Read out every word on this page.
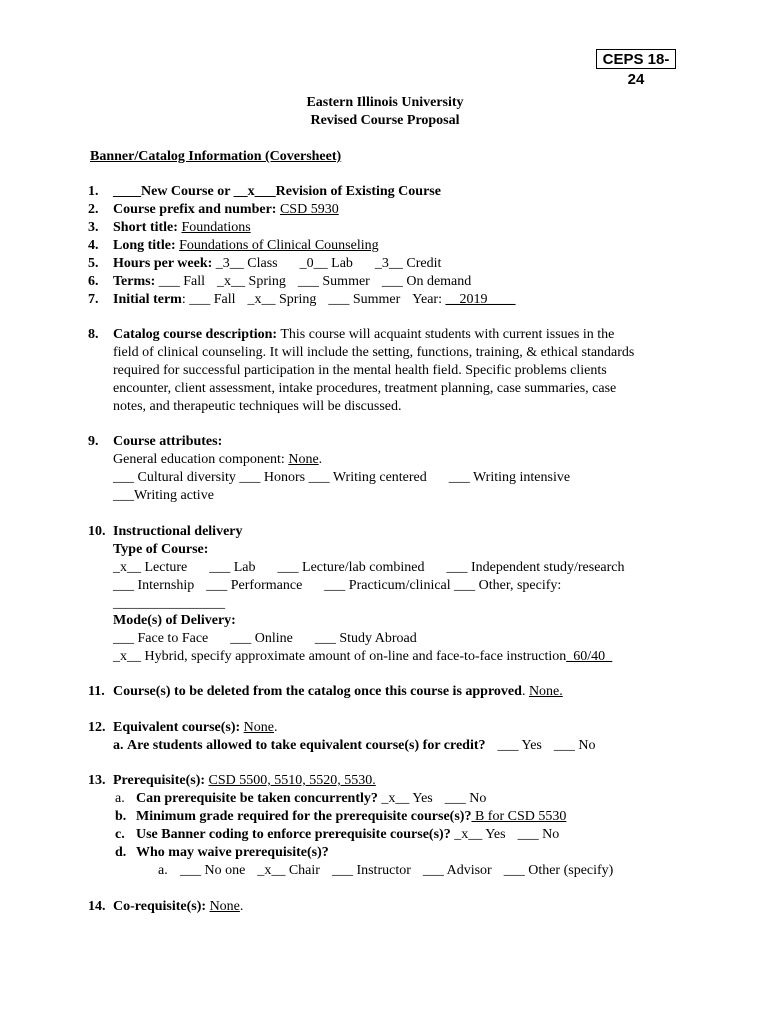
CEPS 18-24
Eastern Illinois University
Revised Course Proposal
Banner/Catalog Information (Coversheet)
1.	____New Course or __x___Revision of Existing Course
2.	Course prefix and number: CSD 5930
3.	Short title: Foundations
4.	Long title: Foundations of Clinical Counseling
5.	Hours per week: _3__ Class _0__ Lab _3__ Credit
6.	Terms: ___ Fall _x__ Spring ___ Summer ___ On demand
7.	Initial term: ___ Fall _x__ Spring ___ Summer Year: __2019____
8.	Catalog course description: This course will acquaint students with current issues in the
field of clinical counseling. It will include the setting, functions, training, & ethical standards
required for successful participation in the mental health field. Specific problems clients
encounter, client assessment, intake procedures, treatment planning, case summaries, case
notes, and therapeutic techniques will be discussed.
9.	Course attributes:
General education component: None.
___ Cultural diversity ___ Honors ___ Writing centered ___ Writing intensive
___Writing active
10. Instructional delivery
Type of Course:
_x__ Lecture ___ Lab ___ Lecture/lab combined ___ Independent study/research
___ Internship ___ Performance ___ Practicum/clinical ___ Other, specify:
________________
Mode(s) of Delivery:
___ Face to Face ___ Online ___ Study Abroad
_x__ Hybrid, specify approximate amount of on-line and face-to-face instruction_60/40_
11. Course(s) to be deleted from the catalog once this course is approved. None.
12. Equivalent course(s): None.
a. Are students allowed to take equivalent course(s) for credit? ___ Yes ___ No
13. Prerequisite(s): CSD 5500, 5510, 5520, 5530.
a. Can prerequisite be taken concurrently? _x__ Yes ___ No
b. Minimum grade required for the prerequisite course(s)? B for CSD 5530
c. Use Banner coding to enforce prerequisite course(s)? _x__ Yes ___ No
d. Who may waive prerequisite(s)?
a. ___ No one _x__ Chair ___ Instructor ___ Advisor ___ Other (specify)
14. Co-requisite(s): None.
